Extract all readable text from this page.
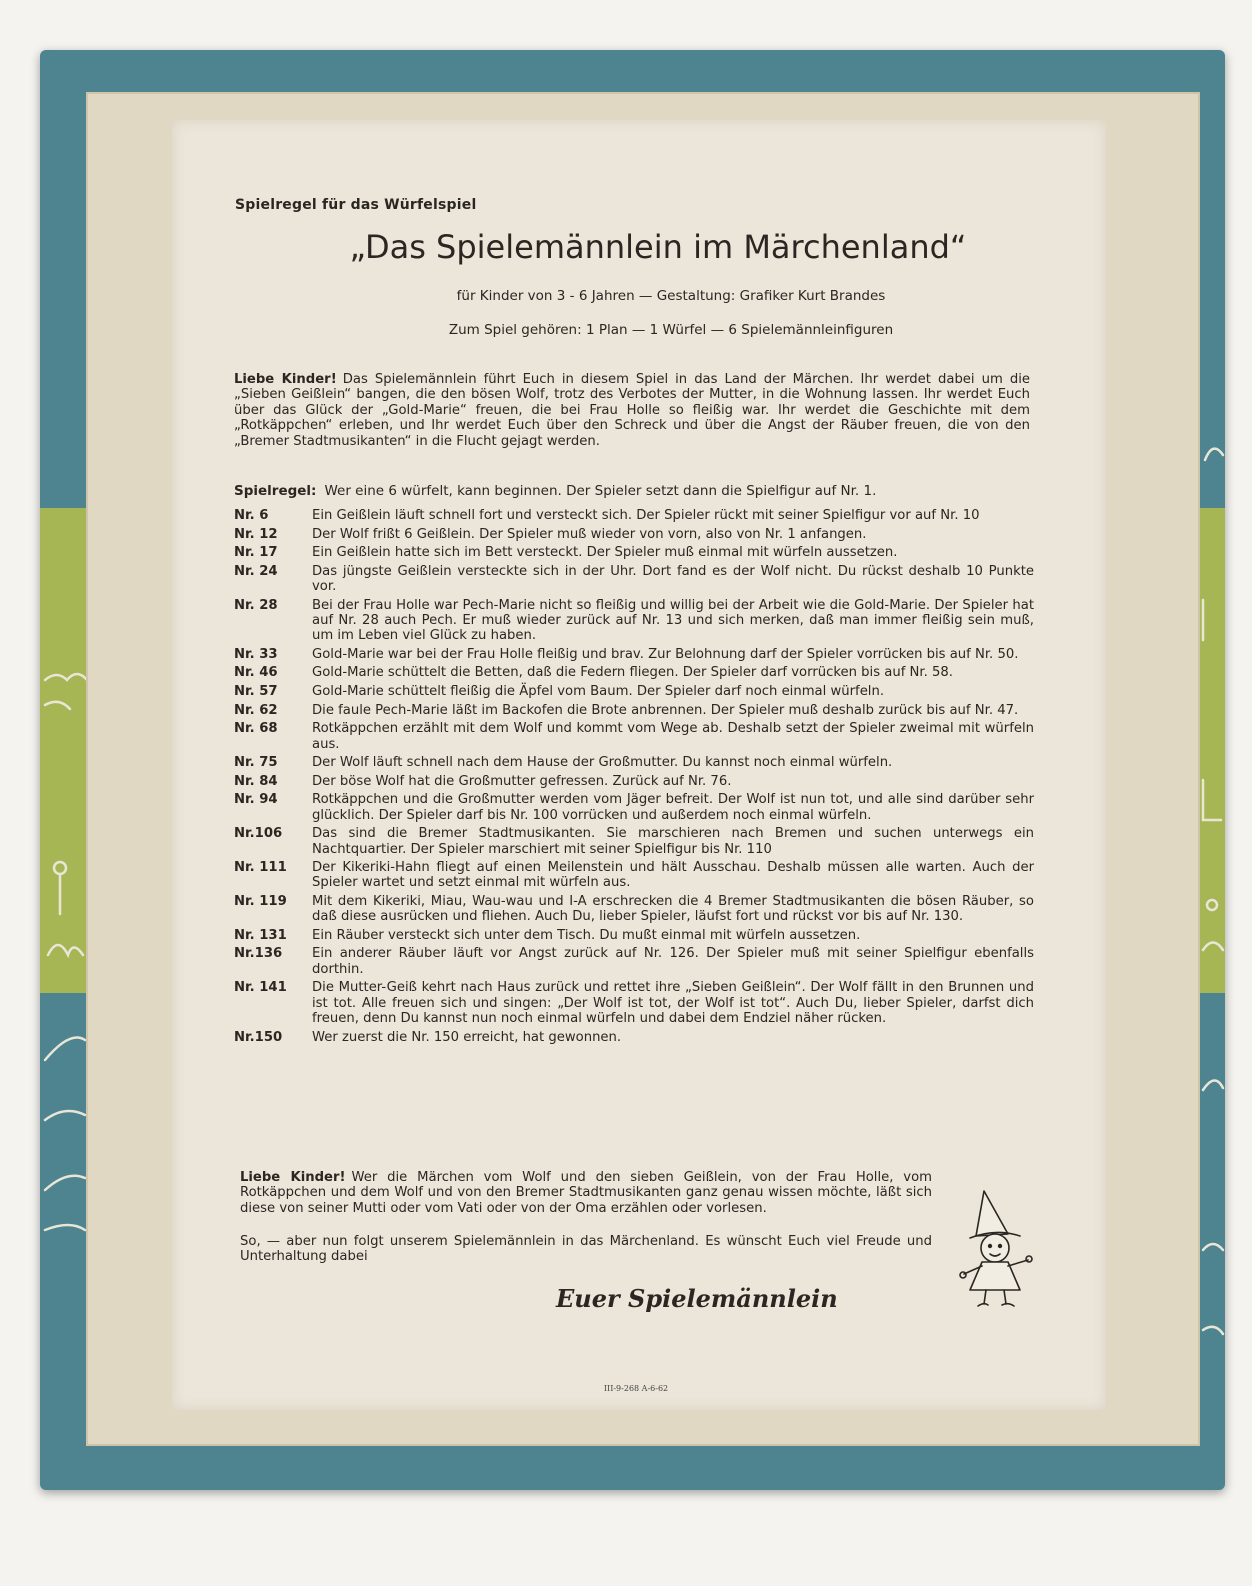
Spielregel für das Würfelspiel
„Das Spielemännlein im Märchenland“
für Kinder von 3 - 6 Jahren — Gestaltung: Grafiker Kurt Brandes
Zum Spiel gehören: 1 Plan — 1 Würfel — 6 Spielemännleinfiguren
Liebe Kinder! Das Spielemännlein führt Euch in diesem Spiel in das Land der Märchen. Ihr werdet dabei um die „Sieben Geißlein“ bangen, die den bösen Wolf, trotz des Verbotes der Mutter, in die Wohnung lassen. Ihr werdet Euch über das Glück der „Gold-Marie“ freuen, die bei Frau Holle so fleißig war. Ihr werdet die Geschichte mit dem „Rotkäppchen“ erleben, und Ihr werdet Euch über den Schreck und über die Angst der Räuber freuen, die von den „Bremer Stadtmusikanten“ in die Flucht gejagt werden.
Spielregel: Wer eine 6 würfelt, kann beginnen. Der Spieler setzt dann die Spielfigur auf Nr. 1.
Nr. 6	Ein Geißlein läuft schnell fort und versteckt sich. Der Spieler rückt mit seiner Spielfigur vor auf Nr. 10
Nr. 12	Der Wolf frißt 6 Geißlein. Der Spieler muß wieder von vorn, also von Nr. 1 anfangen.
Nr. 17	Ein Geißlein hatte sich im Bett versteckt. Der Spieler muß einmal mit würfeln aussetzen.
Nr. 24	Das jüngste Geißlein versteckte sich in der Uhr. Dort fand es der Wolf nicht. Du rückst deshalb 10 Punkte vor.
Nr. 28	Bei der Frau Holle war Pech-Marie nicht so fleißig und willig bei der Arbeit wie die Gold-Marie. Der Spieler hat auf Nr. 28 auch Pech. Er muß wieder zurück auf Nr. 13 und sich merken, daß man immer fleißig sein muß, um im Leben viel Glück zu haben.
Nr. 33	Gold-Marie war bei der Frau Holle fleißig und brav. Zur Belohnung darf der Spieler vorrücken bis auf Nr. 50.
Nr. 46	Gold-Marie schüttelt die Betten, daß die Federn fliegen. Der Spieler darf vorrücken bis auf Nr. 58.
Nr. 57	Gold-Marie schüttelt fleißig die Äpfel vom Baum. Der Spieler darf noch einmal würfeln.
Nr. 62	Die faule Pech-Marie läßt im Backofen die Brote anbrennen. Der Spieler muß deshalb zurück bis auf Nr. 47.
Nr. 68	Rotkäppchen erzählt mit dem Wolf und kommt vom Wege ab. Deshalb setzt der Spieler zweimal mit würfeln aus.
Nr. 75	Der Wolf läuft schnell nach dem Hause der Großmutter. Du kannst noch einmal würfeln.
Nr. 84	Der böse Wolf hat die Großmutter gefressen. Zurück auf Nr. 76.
Nr. 94	Rotkäppchen und die Großmutter werden vom Jäger befreit. Der Wolf ist nun tot, und alle sind darüber sehr glücklich. Der Spieler darf bis Nr. 100 vorrücken und außerdem noch einmal würfeln.
Nr.106	Das sind die Bremer Stadtmusikanten. Sie marschieren nach Bremen und suchen unterwegs ein Nachtquartier. Der Spieler marschiert mit seiner Spielfigur bis Nr. 110
Nr. 111	Der Kikeriki-Hahn fliegt auf einen Meilenstein und hält Ausschau. Deshalb müssen alle warten. Auch der Spieler wartet und setzt einmal mit würfeln aus.
Nr. 119	Mit dem Kikeriki, Miau, Wau-wau und I-A erschrecken die 4 Bremer Stadtmusikanten die bösen Räuber, so daß diese ausrücken und fliehen. Auch Du, lieber Spieler, läufst fort und rückst vor bis auf Nr. 130.
Nr. 131	Ein Räuber versteckt sich unter dem Tisch. Du mußt einmal mit würfeln aussetzen.
Nr.136	Ein anderer Räuber läuft vor Angst zurück auf Nr. 126. Der Spieler muß mit seiner Spielfigur ebenfalls dorthin.
Nr. 141	Die Mutter-Geiß kehrt nach Haus zurück und rettet ihre „Sieben Geißlein“. Der Wolf fällt in den Brunnen und ist tot. Alle freuen sich und singen: „Der Wolf ist tot, der Wolf ist tot“. Auch Du, lieber Spieler, darfst dich freuen, denn Du kannst nun noch einmal würfeln und dabei dem Endziel näher rücken.
Nr.150	Wer zuerst die Nr. 150 erreicht, hat gewonnen.
Liebe Kinder! Wer die Märchen vom Wolf und den sieben Geißlein, von der Frau Holle, vom Rotkäppchen und dem Wolf und von den Bremer Stadtmusikanten ganz genau wissen möchte, läßt sich diese von seiner Mutti oder vom Vati oder von der Oma erzählen oder vorlesen.
So, — aber nun folgt unserem Spielemännlein in das Märchenland. Es wünscht Euch viel Freude und Unterhaltung dabei
Euer Spielemännlein
III-9-268 A-6-62
